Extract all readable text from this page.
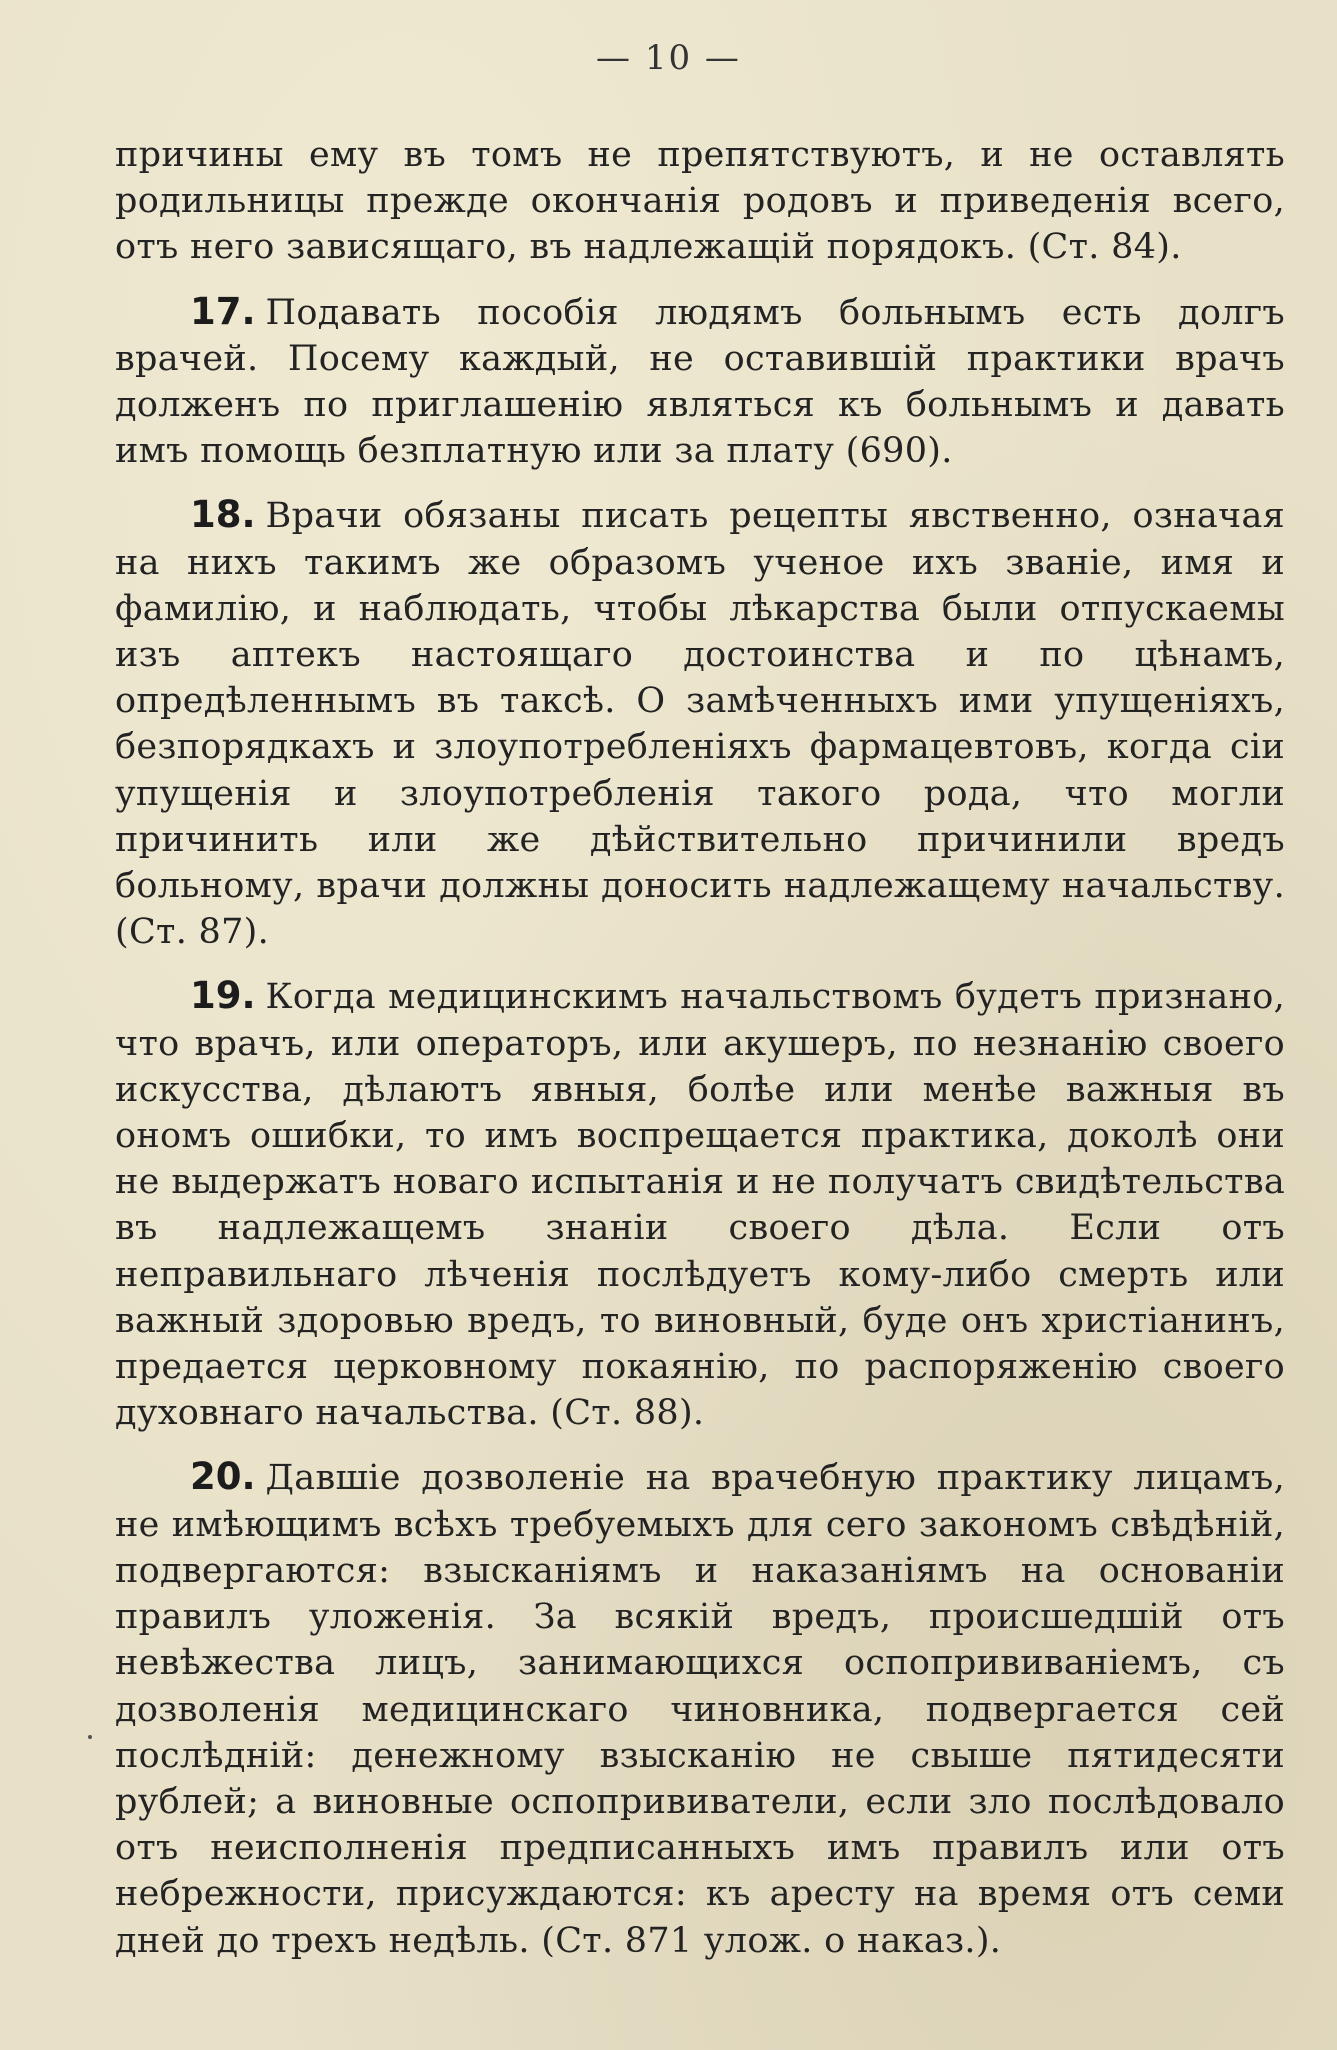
— 10 —

причины ему въ томъ не препятствуютъ, и не оставлять родильницы прежде окончанія родовъ и приведенія всего, отъ него зависящаго, въ надлежащій порядокъ. (Ст. 84).

17. Подавать пособія людямъ больнымъ есть долгъ врачей. Посему каждый, не оставившій практики врачъ долженъ по приглашенію являться къ больнымъ и давать имъ помощь безплатную или за плату (690).

18. Врачи обязаны писать рецепты явственно, означая на нихъ такимъ же образомъ ученое ихъ званіе, имя и фамилію, и наблюдать, чтобы лѣкарства были отпускаемы изъ аптекъ настоящаго достоинства и по цѣнамъ, опредѣленнымъ въ таксѣ. О замѣченныхъ ими упущеніяхъ, безпорядкахъ и злоупотребленіяхъ фармацевтовъ, когда сіи упущенія и злоупотребленія такого рода, что могли причинить или же дѣйствительно причинили вредъ больному, врачи должны доносить надлежащему начальству. (Ст. 87).

19. Когда медицинскимъ начальствомъ будетъ признано, что врачъ, или операторъ, или акушеръ, по незнанію своего искусства, дѣлаютъ явныя, болѣе или менѣе важныя въ ономъ ошибки, то имъ воспрещается практика, доколѣ они не выдержатъ новаго испытанія и не получатъ свидѣтельства въ надлежащемъ знаніи своего дѣла. Если отъ неправильнаго лѣченія послѣдуетъ кому-либо смерть или важный здоровью вредъ, то виновный, буде онъ христіанинъ, предается церковному покаянію, по распоряженію своего духовнаго начальства. (Ст. 88).

20. Давшіе дозволеніе на врачебную практику лицамъ, не имѣющимъ всѣхъ требуемыхъ для сего закономъ свѣдѣній, подвергаются: взысканіямъ и наказаніямъ на основаніи правилъ уложенія. За всякій вредъ, происшедшій отъ невѣжества лицъ, занимающихся оспопрививаніемъ, съ дозволенія медицинскаго чиновника, подвергается сей послѣдній: денежному взысканію не свыше пятидесяти рублей; а виновные оспопрививатели, если зло послѣдовало отъ неисполненія предписанныхъ имъ правилъ или отъ небрежности, присуждаются: къ аресту на время отъ семи дней до трехъ недѣль. (Ст. 871 улож. о наказ.).
